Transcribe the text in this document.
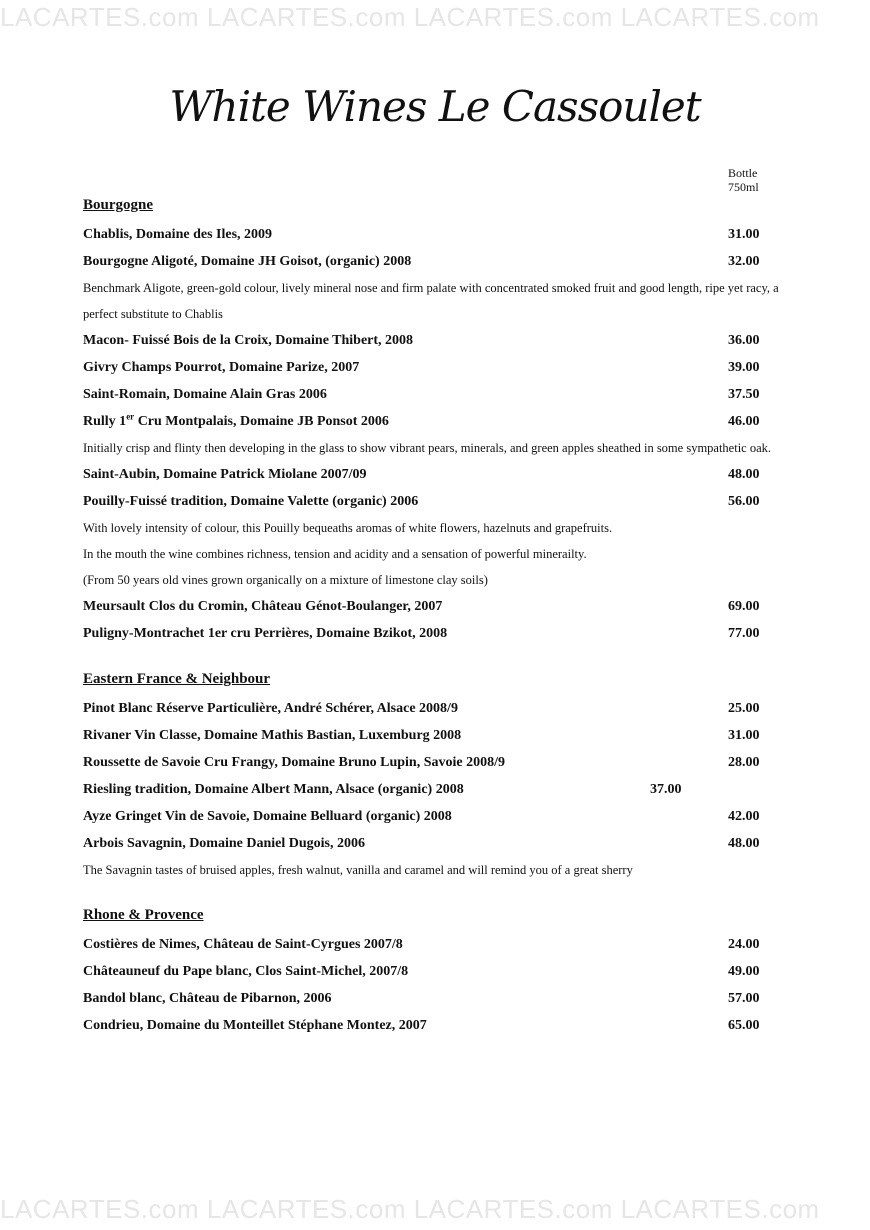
LACARTES.com LACARTES.com LACARTES.com LACARTES.com
White Wines Le Cassoulet
Bottle
750ml
Bourgogne
Chablis, Domaine des Iles, 2009	31.00
Bourgogne Aligoté, Domaine JH Goisot, (organic) 2008	32.00
Benchmark Aligote, green-gold colour, lively mineral nose and firm palate with concentrated smoked fruit and good length, ripe yet racy, a perfect substitute to Chablis
Macon- Fuissé Bois de la Croix, Domaine Thibert, 2008	36.00
Givry Champs Pourrot, Domaine Parize, 2007	39.00
Saint-Romain, Domaine Alain Gras 2006	37.50
Rully 1er Cru Montpalais, Domaine JB Ponsot 2006	46.00
Initially crisp and flinty then developing in the glass to show vibrant pears, minerals, and green apples sheathed in some sympathetic oak.
Saint-Aubin, Domaine Patrick Miolane 2007/09	48.00
Pouilly-Fuissé tradition, Domaine Valette (organic) 2006	56.00
With lovely intensity of colour, this Pouilly bequeaths aromas of white flowers, hazelnuts and grapefruits.
In the mouth the wine combines richness, tension and acidity and a sensation of powerful minerailty.
(From 50 years old vines grown organically on a mixture of limestone clay soils)
Meursault Clos du Cromin, Château Génot-Boulanger, 2007	69.00
Puligny-Montrachet 1er cru Perrières, Domaine Bzikot, 2008	77.00
Eastern France & Neighbour
Pinot Blanc Réserve Particulière, André Schérer, Alsace 2008/9	25.00
Rivaner Vin Classe, Domaine Mathis Bastian, Luxemburg 2008	31.00
Roussette de Savoie Cru Frangy, Domaine Bruno Lupin, Savoie 2008/9	28.00
Riesling tradition, Domaine Albert Mann, Alsace (organic) 2008	37.00
Ayze Gringet Vin de Savoie, Domaine Belluard (organic) 2008	42.00
Arbois Savagnin, Domaine Daniel Dugois, 2006	48.00
The Savagnin tastes of bruised apples, fresh walnut, vanilla and caramel and will remind you of a great sherry
Rhone & Provence
Costières de Nimes, Château de Saint-Cyrgues 2007/8	24.00
Châteauneuf du Pape blanc, Clos Saint-Michel, 2007/8	49.00
Bandol blanc, Château de Pibarnon, 2006	57.00
Condrieu, Domaine du Monteillet Stéphane Montez, 2007	65.00
LACARTES.com LACARTES.com LACARTES.com LACARTES.com
